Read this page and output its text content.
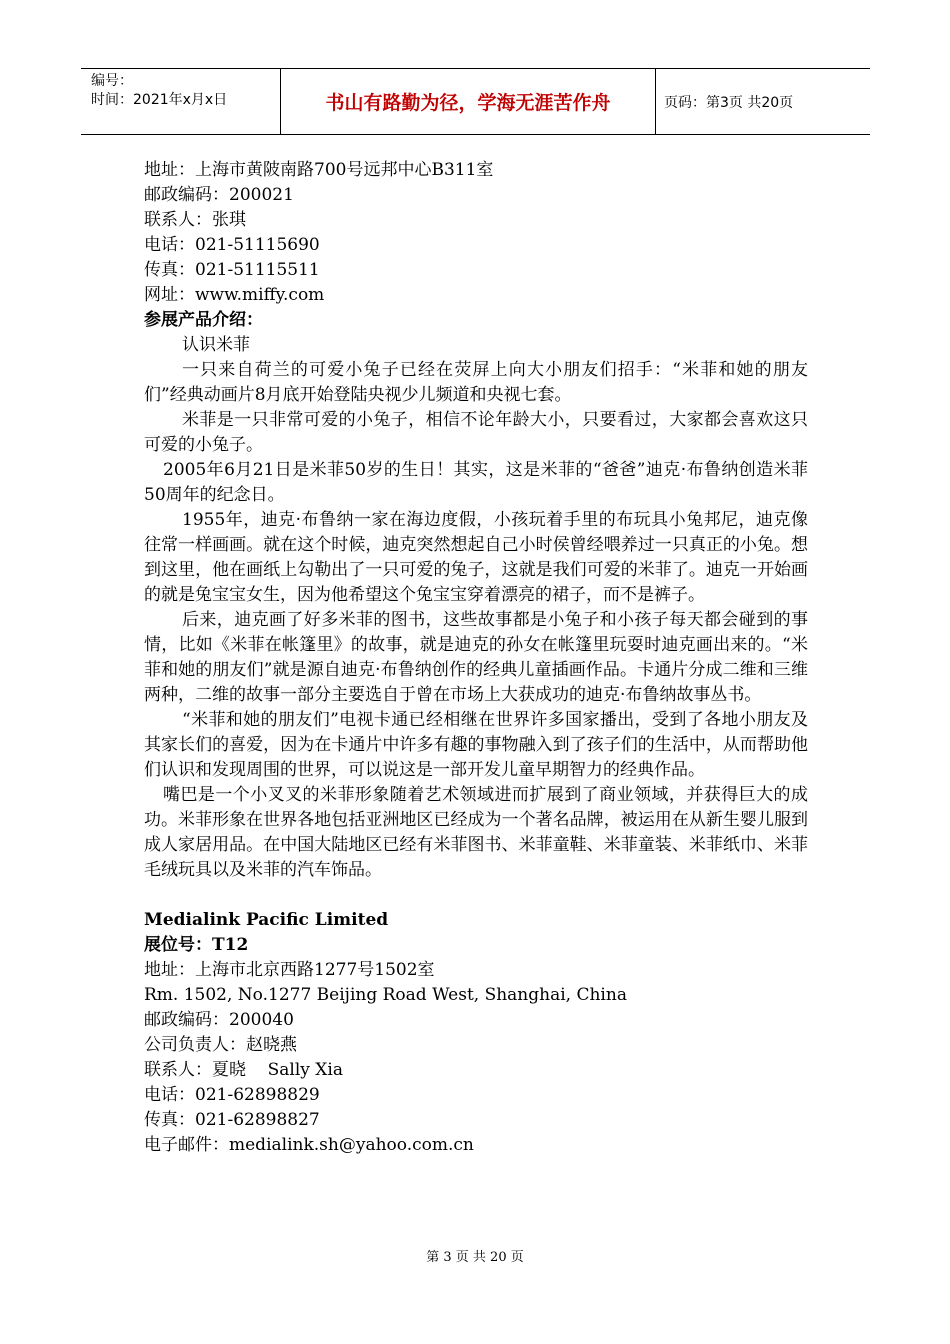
编号：
时间：2021年x月x日	书山有路勤为径，学海无涯苦作舟	页码：第3页 共20页

地址：上海市黄陂南路700号远邦中心B311室

邮政编码：200021

联系人：张琪

电话：021-51115690

传真：021-51115511

网址：www.miffy.com

参展产品介绍：

认识米菲

一只来自荷兰的可爱小兔子已经在荧屏上向大小朋友们招手：“米菲和她的朋友们”经典动画片8月底开始登陆央视少儿频道和央视七套。

米菲是一只非常可爱的小兔子，相信不论年龄大小，只要看过，大家都会喜欢这只可爱的小兔子。

2005年6月21日是米菲50岁的生日！其实，这是米菲的“爸爸”迪克·布鲁纳创造米菲50周年的纪念日。

1955年，迪克·布鲁纳一家在海边度假，小孩玩着手里的布玩具小兔邦尼，迪克像往常一样画画。就在这个时候，迪克突然想起自己小时侯曾经喂养过一只真正的小兔。想到这里，他在画纸上勾勒出了一只可爱的兔子，这就是我们可爱的米菲了。迪克一开始画的就是兔宝宝女生，因为他希望这个兔宝宝穿着漂亮的裙子，而不是裤子。

后来，迪克画了好多米菲的图书，这些故事都是小兔子和小孩子每天都会碰到的事情，比如《米菲在帐篷里》的故事，就是迪克的孙女在帐篷里玩耍时迪克画出来的。“米菲和她的朋友们”就是源自迪克·布鲁纳创作的经典儿童插画作品。卡通片分成二维和三维两种，二维的故事一部分主要选自于曾在市场上大获成功的迪克·布鲁纳故事丛书。

“米菲和她的朋友们”电视卡通已经相继在世界许多国家播出，受到了各地小朋友及其家长们的喜爱，因为在卡通片中许多有趣的事物融入到了孩子们的生活中，从而帮助他们认识和发现周围的世界，可以说这是一部开发儿童早期智力的经典作品。

嘴巴是一个小叉叉的米菲形象随着艺术领域进而扩展到了商业领域，并获得巨大的成功。米菲形象在世界各地包括亚洲地区已经成为一个著名品牌，被运用在从新生婴儿服到成人家居用品。在中国大陆地区已经有米菲图书、米菲童鞋、米菲童装、米菲纸巾、米菲毛绒玩具以及米菲的汽车饰品。

Medialink Pacific Limited

展位号：T12

地址：上海市北京西路1277号1502室

Rm. 1502, No.1277 Beijing Road West, Shanghai, China

邮政编码：200040

公司负责人：赵晓燕

联系人：夏晓    Sally Xia

电话：021-62898829

传真：021-62898827

电子邮件：medialink.sh@yahoo.com.cn

第 3 页 共 20 页
